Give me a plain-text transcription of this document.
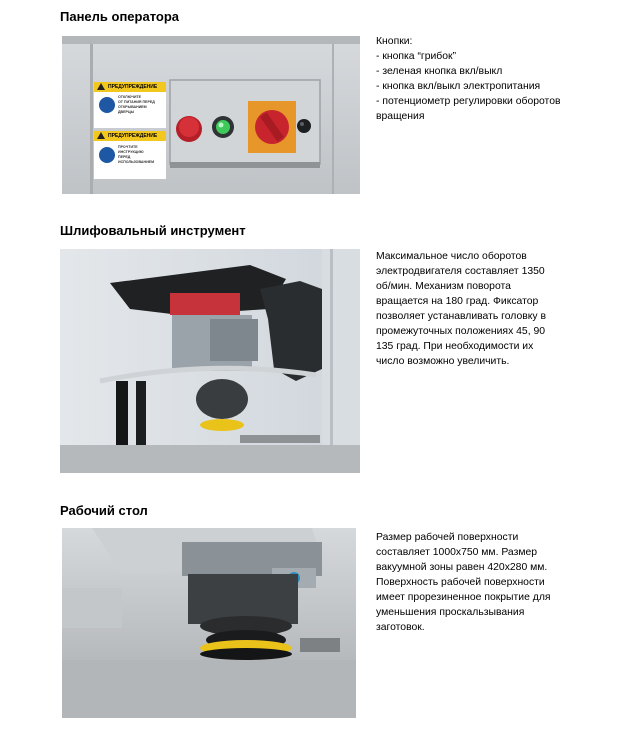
Панель оператора
ПРЕДУПРЕЖДЕНИЕ
ОТКЛЮЧИТЕ
ОТ ПИТАНИЯ ПЕРЕД
ОТКРЫВАНИЕМ
ДВЕРЦЫ
ПРЕДУПРЕЖДЕНИЕ
ПРОЧТИТЕ
ИНСТРУКЦИЮ
ПЕРЕД
ИСПОЛЬЗОВАНИЕМ

Кнопки:
- кнопка “грибок”
- зеленая кнопка вкл/выкл
- кнопка вкл/выкл электропитания
- потенциометр регулировки оборотов
вращения

Шлифовальный инструмент

Максимальное число оборотов
электродвигателя составляет 1350
об/мин. Механизм поворота
вращается на 180 град. Фиксатор
позволяет устанавливать головку в
промежуточных положениях 45, 90
135 град. При необходимости их
число возможно увеличить.

Рабочий стол

Размер рабочей поверхности
составляет 1000x750 мм. Размер
вакуумной зоны равен 420x280 мм.
Поверхность рабочей поверхности
имеет прорезиненное покрытие для
уменьшения проскальзывания
заготовок.
